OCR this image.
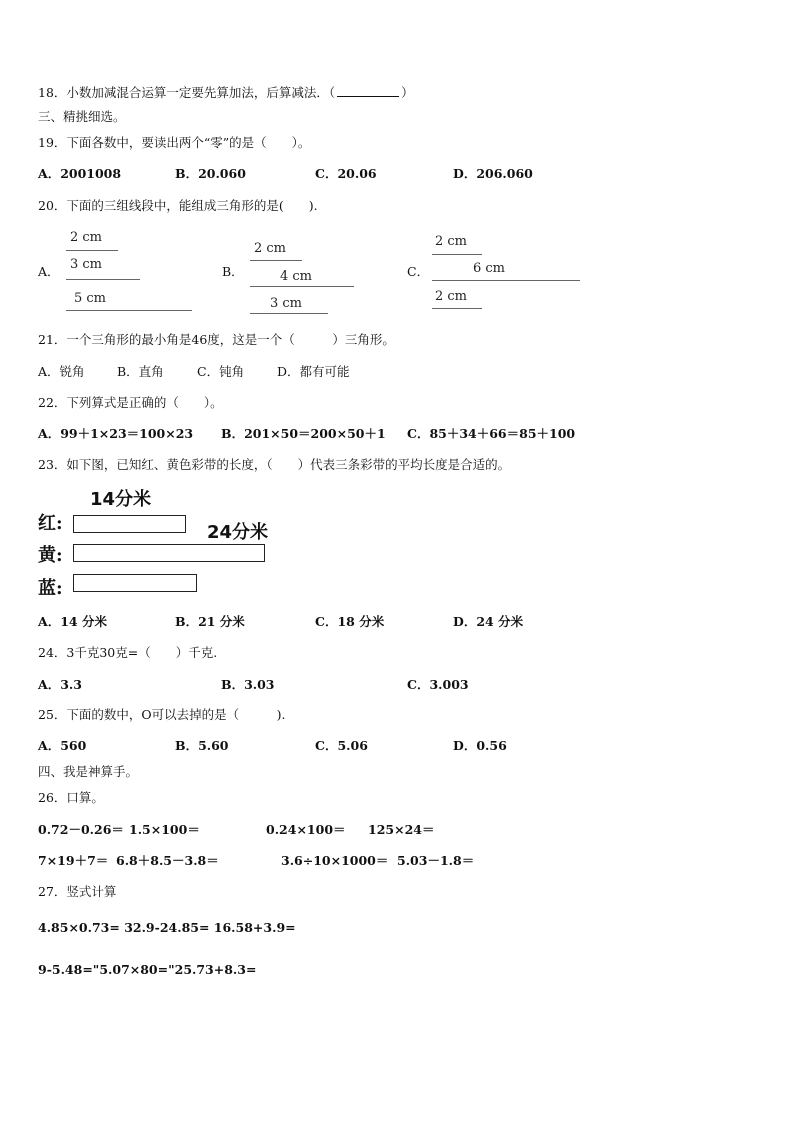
18．小数加减混合运算一定要先算加法，后算减法．（	）
三、精挑细选。
19．下面各数中，要读出两个“零”的是（　　）。
A．2001008	B．20.060	C．20.06	D．206.060
20．下面的三组线段中，能组成三角形的是(　　).
A．	B．	C．
2 cm
3 cm
5 cm
2 cm
4 cm
3 cm
2 cm
6 cm
2 cm
21．一个三角形的最小角是46度，这是一个（　　　）三角形。
A．锐角	B．直角	C．钝角	D．都有可能
22．下列算式是正确的（　　）。
A．99＋1×23＝100×23 B．201×50＝200×50＋1 C．85＋34＋66＝85＋100
23．如下图，已知红、黄色彩带的长度，（　　）代表三条彩带的平均长度是合适的。
14分米
24分米
红:
黄:
蓝:
A．14 分米	B．21 分米	C．18 分米	D．24 分米
24．3千克30克=（　　）千克.
A．3.3	B．3.03	C．3.003
25．下面的数中，O可以去掉的是（　　　).
A．560	B．5.60	C．5.06	D．0.56
四、我是神算手。
26．口算。
0.72－0.26＝ 1.5×100＝	0.24×100＝ 125×24＝
7×19＋7＝ 6.8＋8.5－3.8＝	3.6÷10×1000＝ 5.03－1.8＝
27．竖式计算
4.85×0.73= 32.9-24.85= 16.58+3.9=
9-5.48="5.07×80="25.73+8.3=
